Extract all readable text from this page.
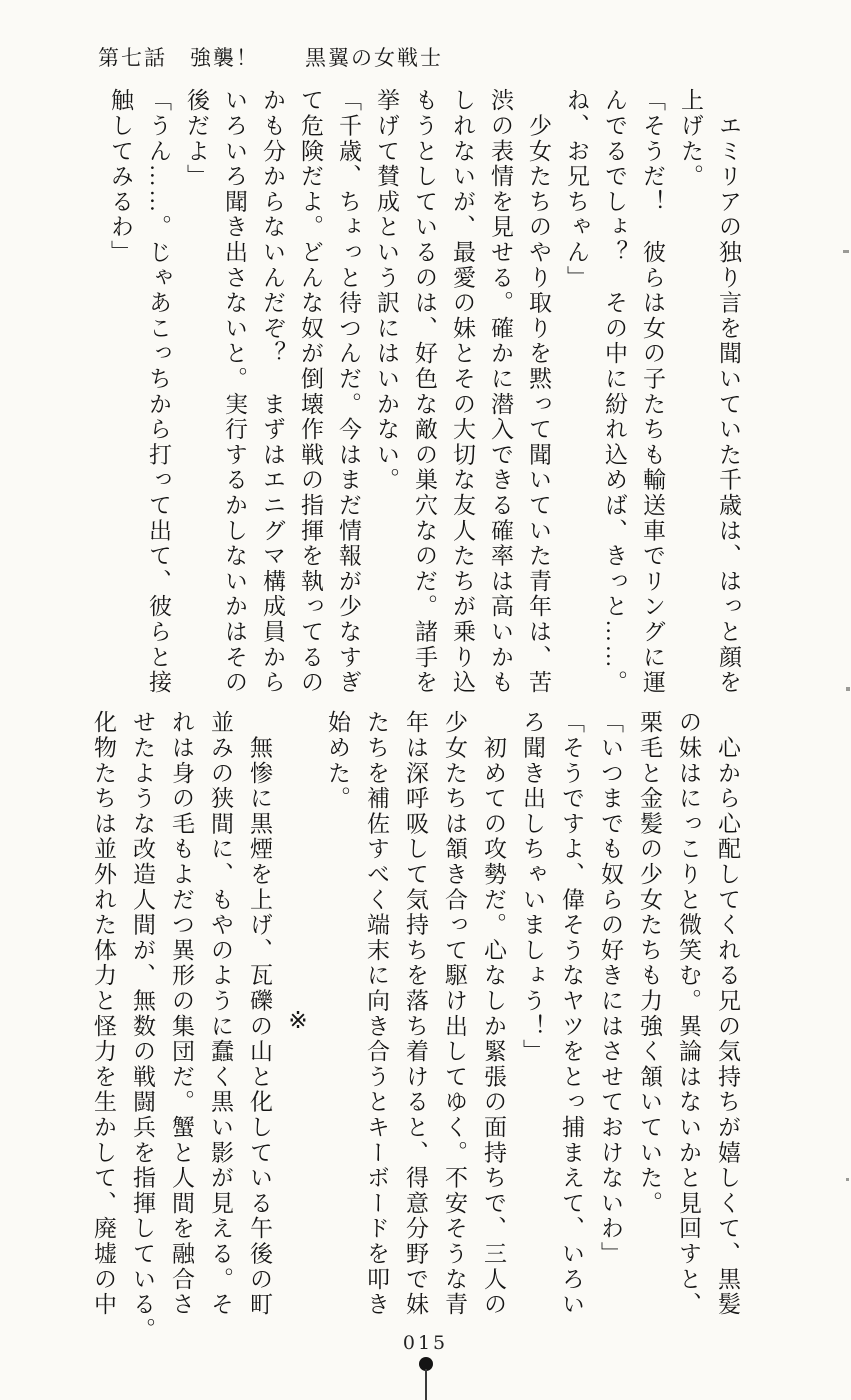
第七話　強襲！　　黒翼の女戦士
　エミリアの独り言を聞いていた千歳は、はっと顔を
上げた。
「そうだ！　彼らは女の子たちも輸送車でリングに運
んでるでしょ？　その中に紛れ込めば、きっと……。
ね、お兄ちゃん」
　少女たちのやり取りを黙って聞いていた青年は、苦
渋の表情を見せる。確かに潜入できる確率は高いかも
しれないが、最愛の妹とその大切な友人たちが乗り込
もうとしているのは、好色な敵の巣穴なのだ。諸手を
挙げて賛成という訳にはいかない。
「千歳、ちょっと待つんだ。今はまだ情報が少なすぎ
て危険だよ。どんな奴が倒壊作戦の指揮を執ってるの
かも分からないんだぞ？　まずはエニグマ構成員から
いろいろ聞き出さないと。実行するかしないかはその
後だよ」
「うん……。じゃあこっちから打って出て、彼らと接
触してみるわ」
　心から心配してくれる兄の気持ちが嬉しくて、黒髪
の妹はにっこりと微笑む。異論はないかと見回すと、
栗毛と金髪の少女たちも力強く頷いていた。
「いつまでも奴らの好きにはさせておけないわ」
「そうですよ、偉そうなヤツをとっ捕まえて、いろい
ろ聞き出しちゃいましょう！」
　初めての攻勢だ。心なしか緊張の面持ちで、三人の
少女たちは頷き合って駆け出してゆく。不安そうな青
年は深呼吸して気持ちを落ち着けると、得意分野で妹
たちを補佐すべく端末に向き合うとキーボードを叩き
始めた。
※
　無惨に黒煙を上げ、瓦礫の山と化している午後の町
並みの狭間に、もやのように蠢く黒い影が見える。そ
れは身の毛もよだつ異形の集団だ。蟹と人間を融合さ
せたような改造人間が、無数の戦闘兵を指揮している。
化物たちは並外れた体力と怪力を生かして、廃墟の中
015
